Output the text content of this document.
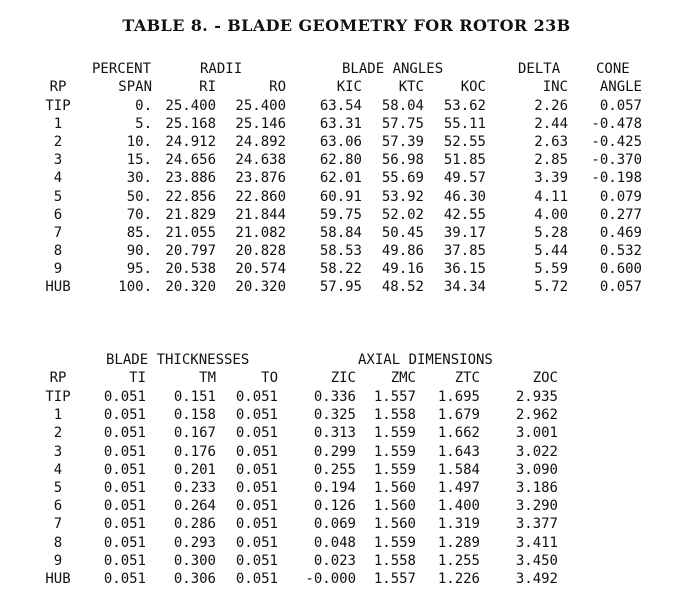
TABLE 8. - BLADE GEOMETRY FOR ROTOR 23B
PERCENT	RADII	BLADE ANGLES	DELTA	CONE
RP	SPAN	RI	RO	KIC	KTC	KOC	INC	ANGLE
TIP	0. 25.400	25.400	63.54	58.04	53.62	2.26	0.057
1	5. 25.168	25.146	63.31	57.75	55.11	2.44	-0.478
2	10. 24.912	24.892	63.06	57.39	52.55	2.63	-0.425
3	15. 24.656	24.638	62.80	56.98	51.85	2.85	-0.370
4	30. 23.886	23.876	62.01	55.69	49.57	3.39	-0.198
5	50. 22.856	22.860	60.91	53.92	46.30	4.11	0.079
6	70. 21.829	21.844	59.75	52.02	42.55	4.00	0.277
7	85. 21.055	21.082	58.84	50.45	39.17	5.28	0.469
8	90. 20.797	20.828	58.53	49.86	37.85	5.44	0.532
9	95. 20.538	20.574	58.22	49.16	36.15	5.59	0.600
HUB	100. 20.320	20.320	57.95	48.52	34.34	5.72	0.057
BLADE THICKNESSES	AXIAL DIMENSIONS
RP	TI	TM	TO	ZIC	ZMC	ZTC	ZOC
TIP	0.051	0.151	0.051	0.336	1.557	1.695	2.935
1	0.051	0.158	0.051	0.325	1.558	1.679	2.962
2	0.051	0.167	0.051	0.313	1.559	1.662	3.001
3	0.051	0.176	0.051	0.299	1.559	1.643	3.022
4	0.051	0.201	0.051	0.255	1.559	1.584	3.090
5	0.051	0.233	0.051	0.194	1.560	1.497	3.186
6	0.051	0.264	0.051	0.126	1.560	1.400	3.290
7	0.051	0.286	0.051	0.069	1.560	1.319	3.377
8	0.051	0.293	0.051	0.048	1.559	1.289	3.411
9	0.051	0.300	0.051	0.023	1.558	1.255	3.450
HUB	0.051	0.306	0.051	-0.000	1.557	1.226	3.492
